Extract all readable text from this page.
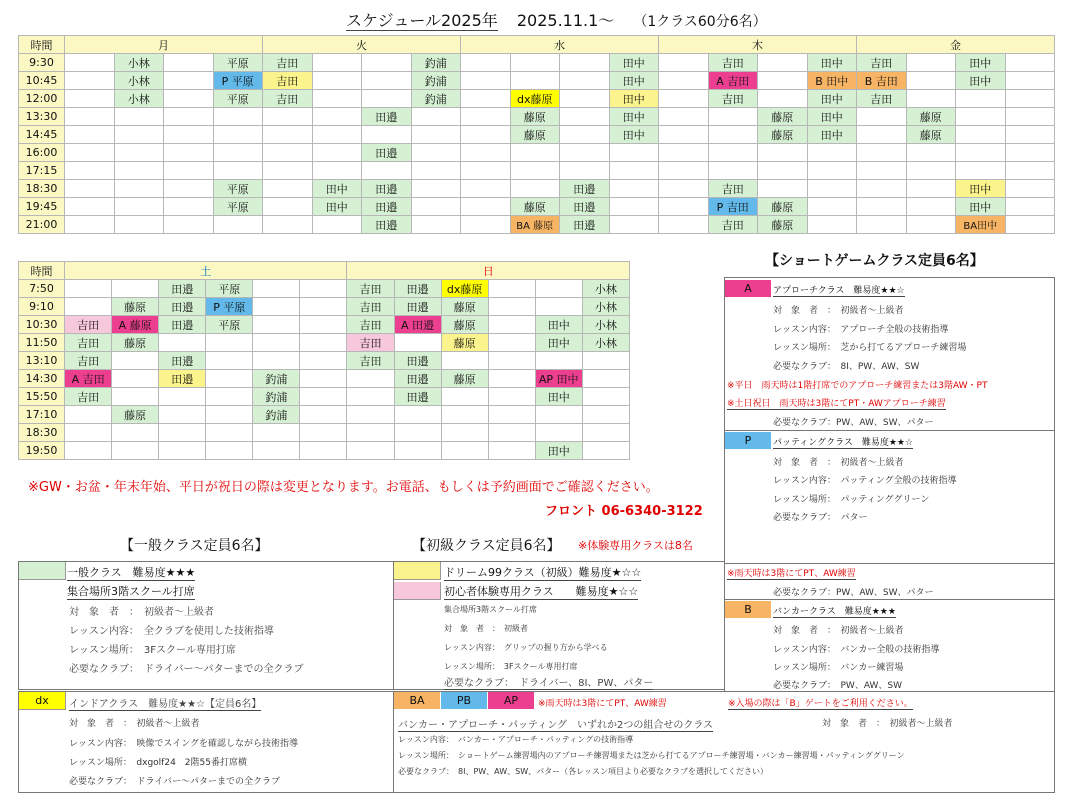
スケジュール2025年 2025.11.1～ （1クラス60分6名）
時間	月				火				水				木				金			
9:30		小林		平原	吉田			釣浦				田中		吉田		田中	吉田		田中	
10:45		小林		P 平原	吉田			釣浦				田中		A 吉田		B 田中	B 吉田		田中	
12:00		小林		平原	吉田			釣浦		dx藤原		田中		吉田		田中	吉田			
13:30							田邉			藤原		田中			藤原	田中		藤原		
14:45										藤原		田中			藤原	田中		藤原		
16:00							田邉													
17:15																				
18:30				平原		田中	田邉				田邉			吉田					田中	
19:45				平原		田中	田邉			藤原	田邉			P 吉田	藤原				田中	
21:00							田邉			BA 藤原	田邉			吉田	藤原				BA田中	
時間	土						日					
7:50			田邉	平原			吉田	田邉	dx藤原			小林
9:10		藤原	田邉	P 平原			吉田	田邉	藤原			小林
10:30	吉田	A 藤原	田邉	平原			吉田	A 田邉	藤原		田中	小林
11:50	吉田	藤原					吉田		藤原		田中	小林
13:10	吉田		田邉				吉田	田邉				
14:30	A 吉田		田邉		釣浦			田邉	藤原		AP 田中	
15:50	吉田				釣浦			田邉			田中	
17:10		藤原			釣浦							
18:30												
19:50											田中	
※GW・お盆・年末年始、平日が祝日の際は変更となります。お電話、もしくは予約画面でご確認ください。
フロント 06-6340-3122
【一般クラス定員6名】	【初級クラス定員6名】 ※体験専用クラスは8名
【ショートゲームクラス定員6名】
一般クラス　難易度★★★
集合場所3階スクール打席
対　象　者　：　初級者～上級者
レッスン内容：　全クラブを使用した技術指導
レッスン場所：　3Fスクール専用打席
必要なクラブ：　ドライバー～パターまでの全クラブ
ドリーム99クラス（初級）難易度★☆☆
初心者体験専用クラス　　難易度★☆☆
集合場所3階スクール打席
対　象　者　：　初級者
レッスン内容：　グリップの握り方から学べる
レッスン場所：　3Fスクール専用打席
必要なクラブ：　ドライバー、8I、PW、パター
A	アプローチクラス　難易度★★☆
対　象　者　：　初級者～上級者
レッスン内容：　アプローチ全般の技術指導
レッスン場所：　芝から打てるアプローチ練習場
必要なクラブ：　8I、PW、AW、SW
※平日　雨天時は1階打席でのアプローチ練習または3階AW・PT
※土日祝日　雨天時は3階にてPT・AWアプローチ練習
必要なクラブ：PW、AW、SW、パター
P	パッティングクラス　難易度★★☆
対　象　者　：　初級者～上級者
レッスン内容：　パッティング全般の技術指導
レッスン場所：　パッティンググリーン
必要なクラブ：　パター
※雨天時は3階にてPT、AW練習
必要なクラブ：PW、AW、SW、パター
B	バンカークラス　難易度★★★
対　象　者　：　初級者～上級者
レッスン内容：　バンカー全般の技術指導
レッスン場所：　バンカー練習場
必要なクラブ：　PW、AW、SW
dx	インドアクラス　難易度★★☆【定員6名】
対　象　者　：　初級者～上級者
レッスン内容：　映像でスイングを確認しながら技術指導
レッスン場所：　dxgolf24　2階55番打席横
必要なクラブ：　ドライバー～パターまでの全クラブ
BA	PB	AP	※雨天時は3階にてPT、AW練習	※入場の際は「B」ゲートをご利用ください。
バンカー・アプローチ・パッティング　いずれか2つの組合せのクラス	対　象　者　：　初級者～上級者
レッスン内容：　バンカー・アプローチ・パッティングの技術指導
レッスン場所：　ショートゲーム練習場内のアプローチ練習場または芝から打てるアプローチ練習場・バンカー練習場・パッティンググリーン
必要なクラブ：　8I、PW、AW、SW、パター（各レッスン項目より必要なクラブを選択してください）
